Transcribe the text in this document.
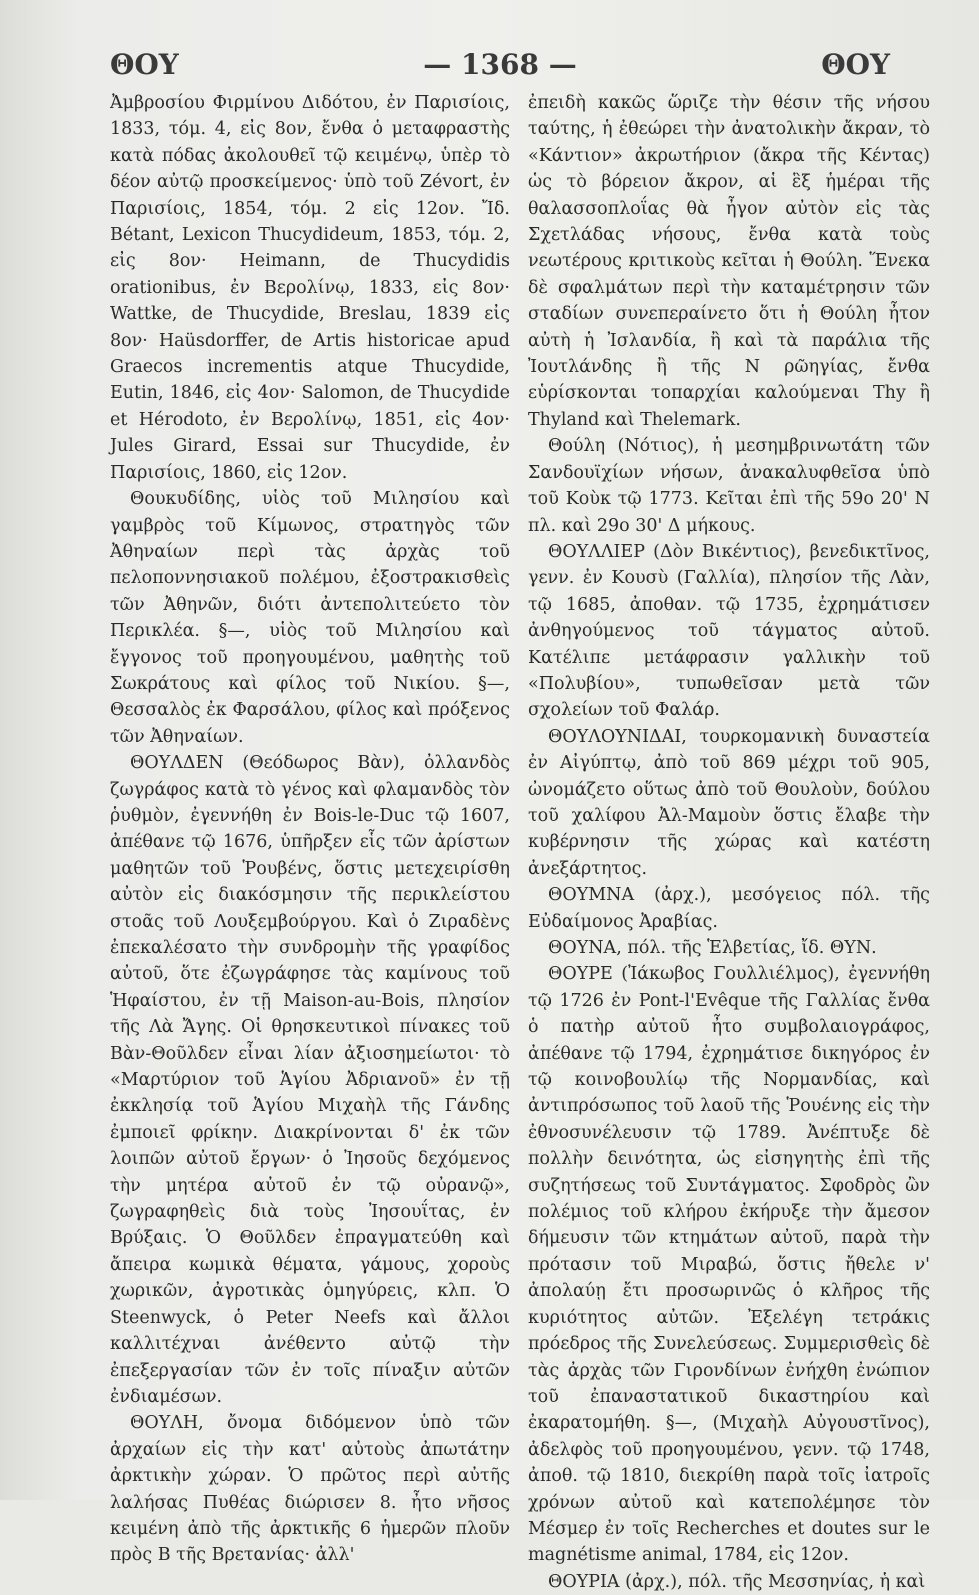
ΘΟΥ	— 1368 —	ΘΟΥ

Ἀμβροσίου Φιρμίνου Διδότου, ἐν Παρισίοις, 1833, τόμ. 4, εἰς 8ον, ἔνθα ὁ μεταφραστὴς κατὰ πόδας ἀκολουθεῖ τῷ κειμένῳ, ὑπὲρ τὸ δέον αὐτῷ προσκείμενος· ὑπὸ τοῦ Zévort, ἐν Παρισίοις, 1854, τόμ. 2 εἰς 12ον. Ἴδ. Bétant, Lexicon Thucydideum, 1853, τόμ. 2, εἰς 8ον· Heimann, de Thucydidis orationibus, ἐν Βερολίνῳ, 1833, εἰς 8ον· Wattke, de Thucydide, Breslau, 1839 εἰς 8ον· Haüsdorffer, de Artis historicae apud Graecos incrementis atque Thucydide, Eutin, 1846, εἰς 4ον· Salomon, de Thucydide et Hérodoto, ἐν Βερολίνῳ, 1851, εἰς 4ον· Jules Girard, Essai sur Thucydide, ἐν Παρισίοις, 1860, εἰς 12ον.

Θουκυδίδης, υἱὸς τοῦ Μιλησίου καὶ γαμβρὸς τοῦ Κίμωνος, στρατηγὸς τῶν Ἀθηναίων περὶ τὰς ἀρχὰς τοῦ πελοποννησιακοῦ πολέμου, ἐξοστρακισθεὶς τῶν Ἀθηνῶν, διότι ἀντεπολιτεύετο τὸν Περικλέα. §—, υἱὸς τοῦ Μιλησίου καὶ ἔγγονος τοῦ προηγουμένου, μαθητὴς τοῦ Σωκράτους καὶ φίλος τοῦ Νικίου. §—, Θεσσαλὸς ἐκ Φαρσάλου, φίλος καὶ πρόξενος τῶν Ἀθηναίων.

ΘΟΥΛΔΕΝ (Θεόδωρος Βὰν), ὀλλανδὸς ζωγράφος κατὰ τὸ γένος καὶ φλαμανδὸς τὸν ῥυθμὸν, ἐγεννήθη ἐν Bois-le-Duc τῷ 1607, ἀπέθανε τῷ 1676, ὑπῆρξεν εἷς τῶν ἀρίστων μαθητῶν τοῦ Ῥουβένς, ὅστις μετεχειρίσθη αὐτὸν εἰς διακόσμησιν τῆς περικλείστου στοᾶς τοῦ Λουξεμβούργου. Καὶ ὁ Ζιραδὲνς ἐπεκαλέσατο τὴν συνδρομὴν τῆς γραφίδος αὐτοῦ, ὅτε ἐζωγράφησε τὰς καμίνους τοῦ Ἡφαίστου, ἐν τῇ Maison-au-Bois, πλησίον τῆς Λὰ Ἄγης. Οἱ θρησκευτικοὶ πίνακες τοῦ Βὰν-Θοῦλδεν εἶναι λίαν ἀξιοσημείωτοι· τὸ «Μαρτύριον τοῦ Ἁγίου Ἀδριανοῦ» ἐν τῇ ἐκκλησίᾳ τοῦ Ἁγίου Μιχαὴλ τῆς Γάνδης ἐμποιεῖ φρίκην. Διακρίνονται δ' ἐκ τῶν λοιπῶν αὐτοῦ ἔργων· ὁ Ἰησοῦς δεχόμενος τὴν μητέρα αὐτοῦ ἐν τῷ οὐρανῷ», ζωγραφηθεὶς διὰ τοὺς Ἰησουΐτας, ἐν Βρύξαις. Ὁ Θοῦλδεν ἐπραγματεύθη καὶ ἄπειρα κωμικὰ θέματα, γάμους, χοροὺς χωρικῶν, ἀγροτικὰς ὁμηγύρεις, κλπ. Ὁ Steenwyck, ὁ Peter Neefs καὶ ἄλλοι καλλιτέχναι ἀνέθεντο αὐτῷ τὴν ἐπεξεργασίαν τῶν ἐν τοῖς πίναξιν αὐτῶν ἐνδιαμέσων.

ΘΟΥΛΗ, ὄνομα διδόμενον ὑπὸ τῶν ἀρχαίων εἰς τὴν κατ' αὐτοὺς ἀπωτάτην ἀρκτικὴν χώραν. Ὁ πρῶτος περὶ αὐτῆς λαλήσας Πυθέας διώρισεν 8. ἦτο νῆσος κειμένη ἀπὸ τῆς ἀρκτικῆς 6 ἡμερῶν πλοῦν πρὸς Β τῆς Βρετανίας· ἀλλ'

ἐπειδὴ κακῶς ὥριζε τὴν θέσιν τῆς νήσου ταύτης, ἡ ἐθεώρει τὴν ἀνατολικὴν ἄκραν, τὸ «Κάντιον» ἀκρωτήριον (ἄκρα τῆς Κέντας) ὡς τὸ βόρειον ἄκρον, αἱ ἓξ ἡμέραι τῆς θαλασσοπλοΐας θὰ ἦγον αὐτὸν εἰς τὰς Σχετλάδας νήσους, ἔνθα κατὰ τοὺς νεωτέρους κριτικοὺς κεῖται ἡ Θούλη. Ἕνεκα δὲ σφαλμάτων περὶ τὴν καταμέτρησιν τῶν σταδίων συνεπεραίνετο ὅτι ἡ Θούλη ἦτον αὐτὴ ἡ Ἰσλανδία, ἢ καὶ τὰ παράλια τῆς Ἰουτλάνδης ἢ τῆς Ν ρῶηγίας, ἔνθα εὑρίσκονται τοπαρχίαι καλούμεναι Thy ἢ Thyland καὶ Thelemark.

Θούλη (Νότιος), ἡ μεσημβρινωτάτη τῶν Σανδουϊχίων νήσων, ἀνακαλυφθεῖσα ὑπὸ τοῦ Κοὺκ τῷ 1773. Κεῖται ἐπὶ τῆς 59ο 20' Ν πλ. καὶ 29ο 30' Δ μήκους.

ΘΟΥΛΛΙΕΡ (Δὸν Βικέντιος), βενεδικτῖνος, γενν. ἐν Κουσὺ (Γαλλία), πλησίον τῆς Λὰν, τῷ 1685, ἀποθαν. τῷ 1735, ἐχρημάτισεν ἀνθηγούμενος τοῦ τάγματος αὐτοῦ. Κατέλιπε μετάφρασιν γαλλικὴν τοῦ «Πολυβίου», τυπωθεῖσαν μετὰ τῶν σχολείων τοῦ Φαλάρ.

ΘΟΥΛΟΥΝΙΔΑΙ, τουρκομανικὴ δυναστεία ἐν Αἰγύπτῳ, ἀπὸ τοῦ 869 μέχρι τοῦ 905, ὠνομάζετο οὕτως ἀπὸ τοῦ Θουλοὺν, δούλου τοῦ χαλίφου Ἀλ-Μαμοὺν ὅστις ἔλαβε τὴν κυβέρνησιν τῆς χώρας καὶ κατέστη ἀνεξάρτητος.

ΘΟΥΜΝΑ (ἀρχ.), μεσόγειος πόλ. τῆς Εὐδαίμονος Ἀραβίας.

ΘΟΥΝΑ, πόλ. τῆς Ἑλβετίας, ἴδ. ΘΥΝ.

ΘΟΥΡΕ (Ἰάκωβος Γουλλιέλμος), ἐγεννήθη τῷ 1726 ἐν Pont-l'Evêque τῆς Γαλλίας ἔνθα ὁ πατὴρ αὐτοῦ ἦτο συμβολαιογράφος, ἀπέθανε τῷ 1794, ἐχρημάτισε δικηγόρος ἐν τῷ κοινοβουλίῳ τῆς Νορμανδίας, καὶ ἀντιπρόσωπος τοῦ λαοῦ τῆς Ῥουένης εἰς τὴν ἐθνοσυνέλευσιν τῷ 1789. Ἀνέπτυξε δὲ πολλὴν δεινότητα, ὡς εἰσηγητὴς ἐπὶ τῆς συζητήσεως τοῦ Συντάγματος. Σφοδρὸς ὢν πολέμιος τοῦ κλήρου ἐκήρυξε τὴν ἄμεσον δήμευσιν τῶν κτημάτων αὐτοῦ, παρὰ τὴν πρότασιν τοῦ Μιραβώ, ὅστις ἤθελε ν' ἀπολαύῃ ἔτι προσωρινῶς ὁ κλῆρος τῆς κυριότητος αὐτῶν. Ἐξελέγη τετράκις πρόεδρος τῆς Συνελεύσεως. Συμμερισθεὶς δὲ τὰς ἀρχὰς τῶν Γιρονδίνων ἐνήχθη ἐνώπιον τοῦ ἐπαναστατικοῦ δικαστηρίου καὶ ἐκαρατομήθη. §—, (Μιχαὴλ Αὐγουστῖνος), ἀδελφὸς τοῦ προηγουμένου, γενν. τῷ 1748, ἀποθ. τῷ 1810, διεκρίθη παρὰ τοῖς ἰατροῖς χρόνων αὐτοῦ καὶ κατεπολέμησε τὸν Μέσμερ ἐν τοῖς Recherches et doutes sur le magnétisme animal, 1784, εἰς 12ον.

ΘΟΥΡΙΑ (ἀρχ.), πόλ. τῆς Μεσσηνίας, ἡ καὶ
